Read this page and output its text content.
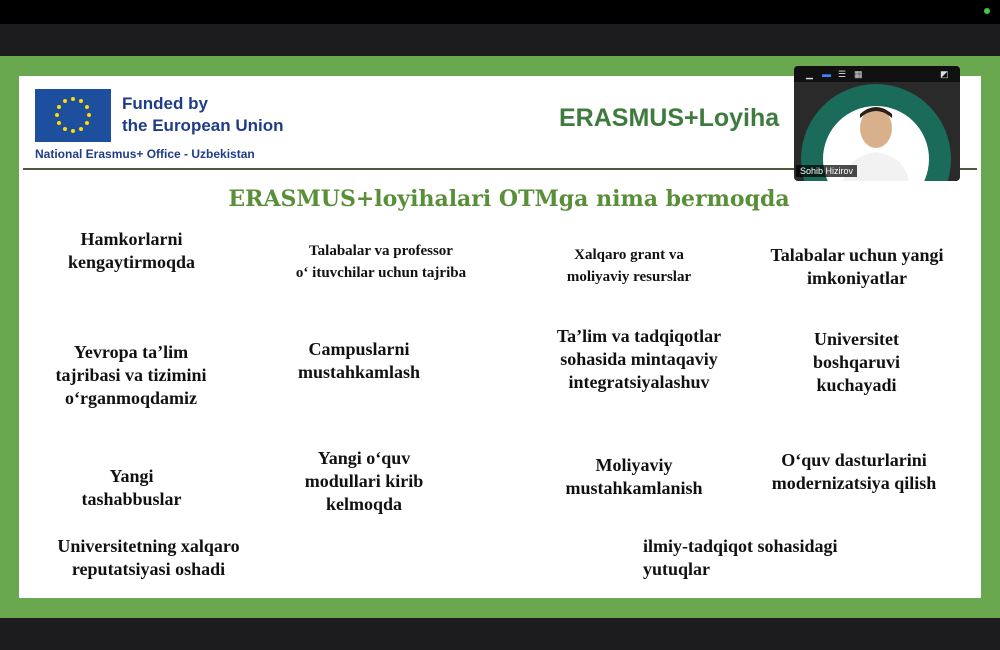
Funded by
the European Union
National Erasmus+ Office - Uzbekistan
ERASMUS+Loyiha
ERASMUS+loyihalari OTMga nima bermoqda
Hamkorlarni
kengaytirmoqda
Talabalar va professor
o‘ ituvchilar uchun tajriba
Xalqaro grant va
moliyaviy resurslar
Talabalar uchun yangi
imkoniyatlar
Yevropa ta’lim
tajribasi va tizimini
o‘rganmoqdamiz
Campuslarni
mustahkamlash
Ta’lim va tadqiqotlar
sohasida mintaqaviy
integratsiyalashuv
Universitet
boshqaruvi
kuchayadi
Yangi
tashabbuslar
Yangi o‘quv
modullari kirib
kelmoqda
Moliyaviy
mustahkamlanish
O‘quv dasturlarini
modernizatsiya qilish
Universitetning xalqaro
reputatsiyasi oshadi
ilmiy-tadqiqot sohasidagi
yutuqlar
▁ ▬ ☰ ▦	◩
Sohib Hizirov
